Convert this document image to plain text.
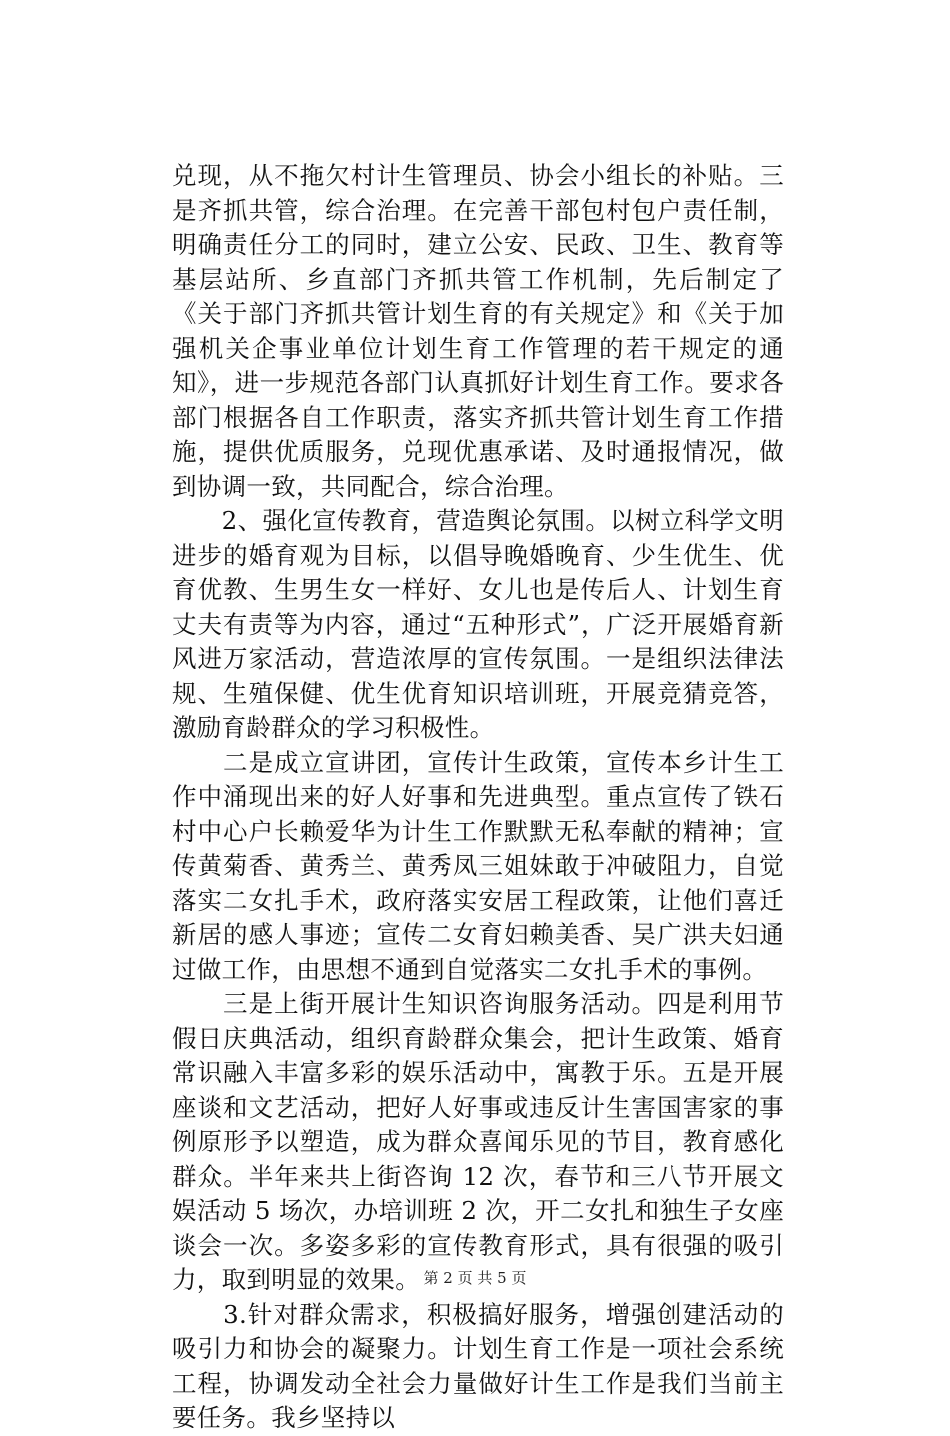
兑现，从不拖欠村计生管理员、协会小组长的补贴。三是齐抓共管，综合治理。在完善干部包村包户责任制，明确责任分工的同时，建立公安、民政、卫生、教育等基层站所、乡直部门齐抓共管工作机制，先后制定了《关于部门齐抓共管计划生育的有关规定》和《关于加强机关企事业单位计划生育工作管理的若干规定的通知》，进一步规范各部门认真抓好计划生育工作。要求各部门根据各自工作职责，落实齐抓共管计划生育工作措施，提供优质服务，兑现优惠承诺、及时通报情况，做到协调一致，共同配合，综合治理。

　　2、强化宣传教育，营造舆论氛围。以树立科学文明进步的婚育观为目标，以倡导晚婚晚育、少生优生、优育优教、生男生女一样好、女儿也是传后人、计划生育丈夫有责等为内容，通过“五种形式”，广泛开展婚育新风进万家活动，营造浓厚的宣传氛围。一是组织法律法规、生殖保健、优生优育知识培训班，开展竞猜竞答，激励育龄群众的学习积极性。

　　二是成立宣讲团，宣传计生政策，宣传本乡计生工作中涌现出来的好人好事和先进典型。重点宣传了铁石村中心户长赖爱华为计生工作默默无私奉献的精神；宣传黄菊香、黄秀兰、黄秀凤三姐妹敢于冲破阻力，自觉落实二女扎手术，政府落实安居工程政策，让他们喜迁新居的感人事迹；宣传二女育妇赖美香、吴广洪夫妇通过做工作，由思想不通到自觉落实二女扎手术的事例。

　　三是上街开展计生知识咨询服务活动。四是利用节假日庆典活动，组织育龄群众集会，把计生政策、婚育常识融入丰富多彩的娱乐活动中，寓教于乐。五是开展座谈和文艺活动，把好人好事或违反计生害国害家的事例原形予以塑造，成为群众喜闻乐见的节目，教育感化群众。半年来共上街咨询 12 次，春节和三八节开展文娱活动 5 场次，办培训班 2 次，开二女扎和独生子女座谈会一次。多姿多彩的宣传教育形式，具有很强的吸引力，取到明显的效果。

　　3.针对群众需求，积极搞好服务，增强创建活动的吸引力和协会的凝聚力。计划生育工作是一项社会系统工程，协调发动全社会力量做好计生工作是我们当前主要任务。我乡坚持以

第 2 页 共 5 页
